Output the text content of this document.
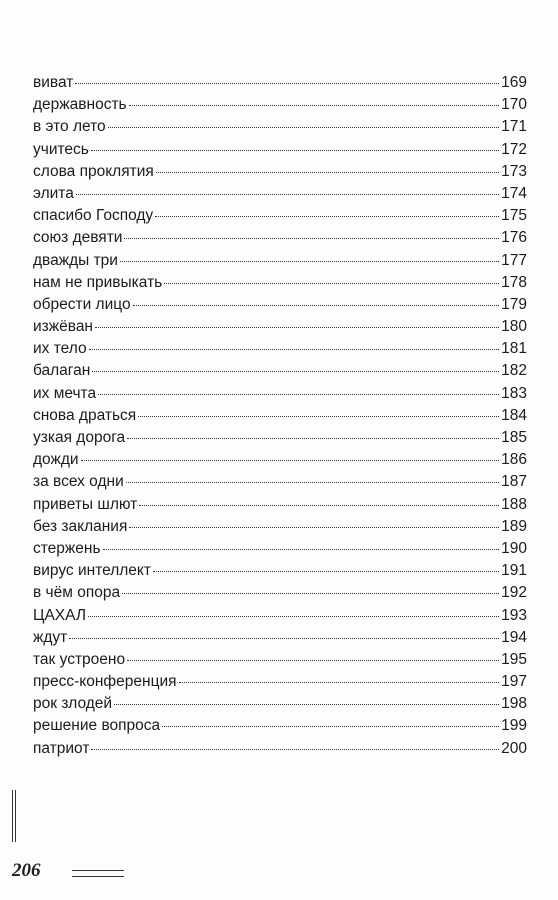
виват	169
державность	170
в это лето	171
учитесь	172
слова проклятия	173
элита	174
спасибо Господу	175
союз девяти	176
дважды три	177
нам не привыкать	178
обрести лицо	179
изжёван	180
их тело	181
балаган	182
их мечта	183
снова драться	184
узкая дорога	185
дожди	186
за всех одни	187
приветы шлют	188
без заклания	189
стержень	190
вирус интеллект	191
в чём опора	192
ЦАХАЛ	193
ждут	194
так устроено	195
пресс-конференция	197
рок злодей	198
решение вопроса	199
патриот	200
206
